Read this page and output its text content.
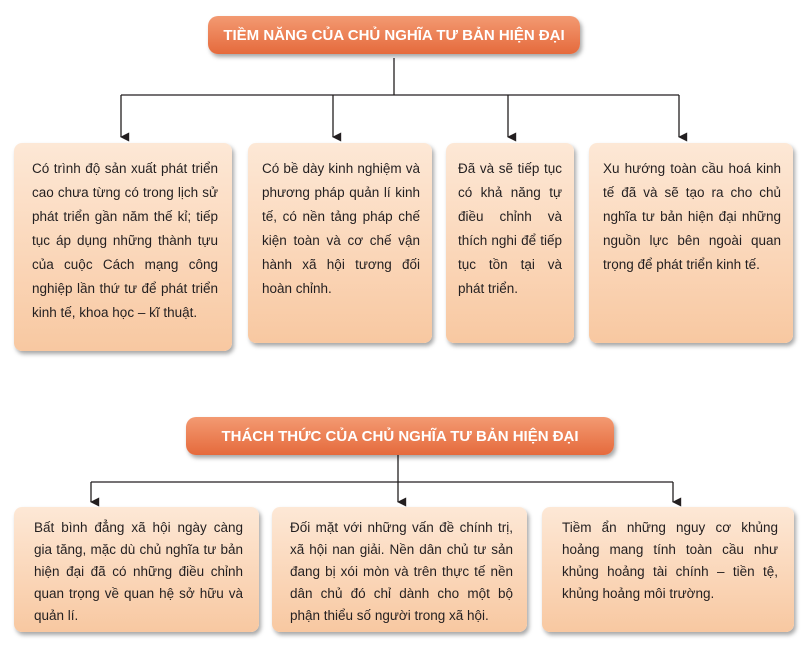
TIỀM NĂNG CỦA CHỦ NGHĨA TƯ BẢN HIỆN ĐẠI
Có trình độ sản xuất phát triển cao chưa từng có trong lịch sử phát triển gần năm thế kỉ; tiếp tục áp dụng những thành tựu của cuộc Cách mạng công nghiệp lần thứ tư để phát triển kinh tế, khoa học – kĩ thuật.
Có bề dày kinh nghiệm và phương pháp quản lí kinh tế, có nền tảng pháp chế kiện toàn và cơ chế vận hành xã hội tương đối hoàn chỉnh.
Đã và sẽ tiếp tục có khả năng tự điều chỉnh và thích nghi để tiếp tục tồn tại và phát triển.
Xu hướng toàn cầu hoá kinh tế đã và sẽ tạo ra cho chủ nghĩa tư bản hiện đại những nguồn lực bên ngoài quan trọng để phát triển kinh tế.
THÁCH THỨC CỦA CHỦ NGHĨA TƯ BẢN HIỆN ĐẠI
Bất bình đẳng xã hội ngày càng gia tăng, mặc dù chủ nghĩa tư bản hiện đại đã có những điều chỉnh quan trọng về quan hệ sở hữu và quản lí.
Đối mặt với những vấn đề chính trị, xã hội nan giải. Nền dân chủ tư sản đang bị xói mòn và trên thực tế nền dân chủ đó chỉ dành cho một bộ phận thiểu số người trong xã hội.
Tiềm ẩn những nguy cơ khủng hoảng mang tính toàn cầu như khủng hoảng tài chính – tiền tệ, khủng hoảng môi trường.
